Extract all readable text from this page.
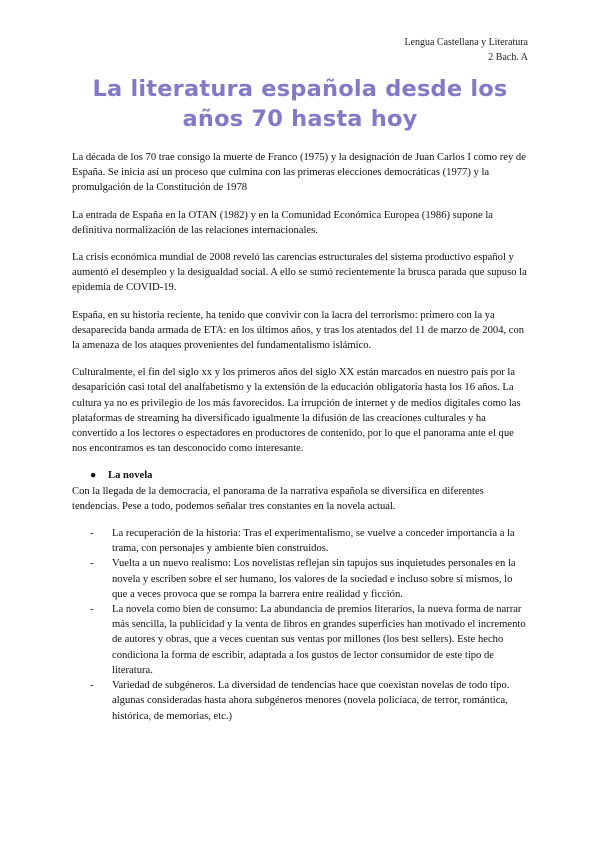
Lengua Castellana y Literatura
2 Bach. A
La literatura española desde los años 70 hasta hoy

La década de los 70 trae consigo la muerte de Franco (1975) y la designación de Juan Carlos I como rey de España. Se inicia así un proceso que culmina con las primeras elecciones democráticas (1977) y la promulgación de la Constitución de 1978

La entrada de España en la OTAN (1982) y en la Comunidad Económica Europea (1986) supone la definitiva normalización de las relaciones internacionales.

La crisis económica mundial de 2008 reveló las carencias estructurales del sistema productivo español y aumentó el desempleo y la desigualdad social. A ello se sumó recientemente la brusca parada que supuso la epidemia de COVID-19.

España, en su historia reciente, ha tenido que convivir con la lacra del terrorismo: primero con la ya desaparecida banda armada de ETA: en los últimos años, y tras los atentados del 11 de marzo de 2004, con la amenaza de los ataques provenientes del fundamentalismo islámico.

Culturalmente, el fin del siglo xx y los primeros años del siglo XX están marcados en nuestro país por la desaparición casi total del analfabetismo y la extensión de la educación obligatoria hasta los 16 años. La cultura ya no es privilegio de los más favorecidos. La irrupción de internet y de medios digitales como las plataformas de streaming ha diversificado igualmente la difusión de las creaciones culturales y ha convertido a los lectores o espectadores en productores de contenido, por lo que el panorama ante el que nos encontramos es tan desconocido como interesante.

●	La novela
Con la llegada de la democracia, el panorama de la narrativa española se diversifica en diferentes tendencias. Pese a todo, podemos señalar tres constantes en la novela actual.
- La recuperación de la historia: Tras el experimentalismo, se vuelve a conceder importancia a la trama, con personajes y ambiente bien construidos.
- Vuelta a un nuevo realismo: Los novelistas reflejan sin tapujos sus inquietudes personales en la novela y escriben sobre el ser humano, los valores de la sociedad e incluso sobre sí mismos, lo que a veces provoca que se rompa la barrera entre realidad y ficción.
- La novela como bien de consumo: La abundancia de premios literarios, la nueva forma de narrar más sencilla, la publicidad y la venta de libros en grandes superficies han motivado el incremento de autores y obras, que a veces cuentan sus ventas por millones (los best sellers). Este hecho condiciona la forma de escribir, adaptada a los gustos de lector consumidor de este tipo de literatura.
- Variedad de subgéneros. La diversidad de tendencias hace que coexistan novelas de todo tipo. algunas consideradas hasta ahora subgéneros menores (novela policíaca, de terror, romántica, histórica, de memorias, etc.)
